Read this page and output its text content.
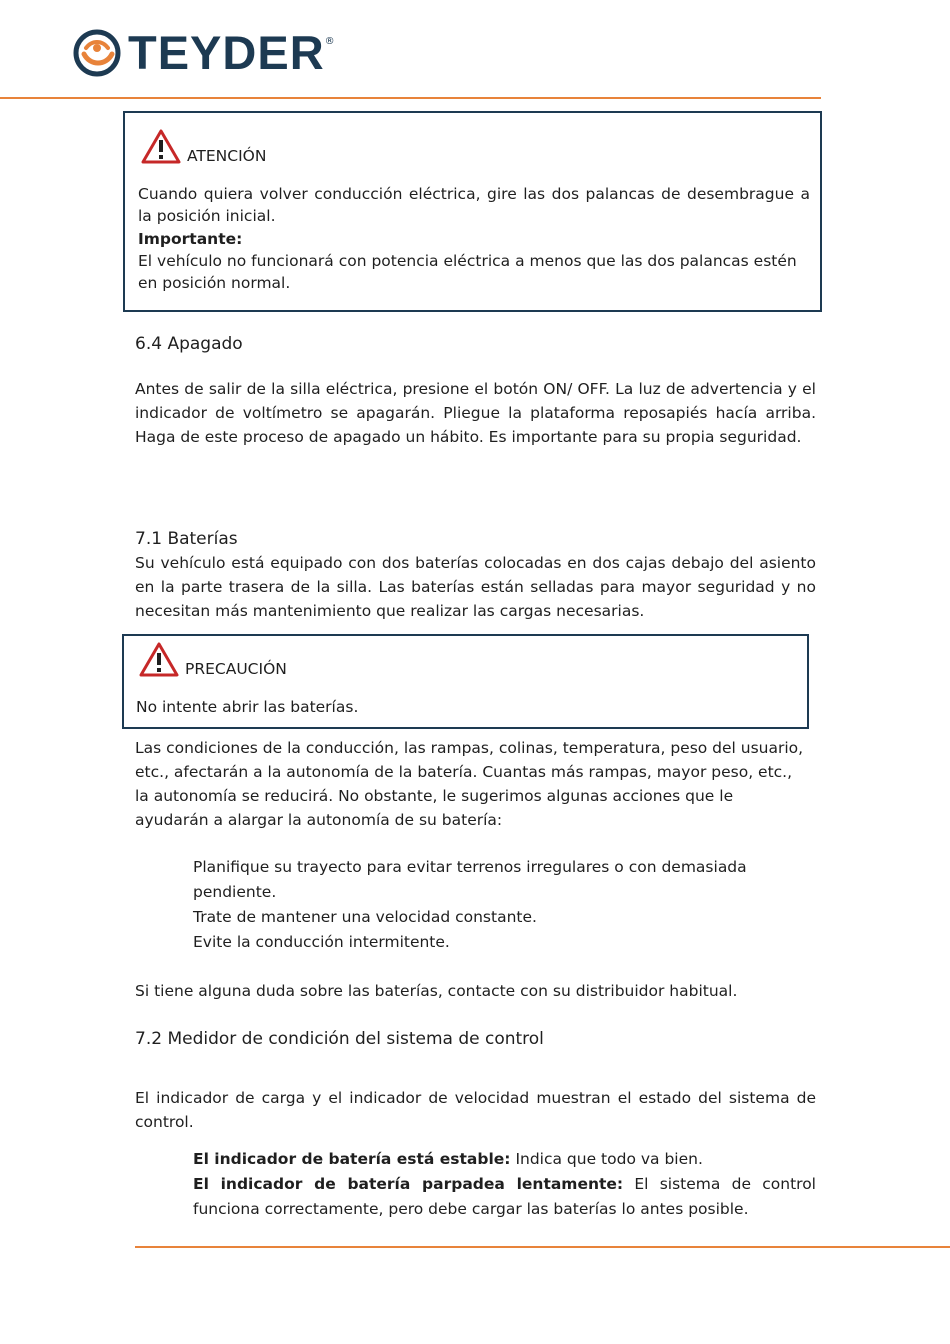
TEYDER ®
ATENCIÓN
Cuando quiera volver conducción eléctrica, gire las dos palancas de desembrague a la posición inicial.
Importante:
El vehículo no funcionará con potencia eléctrica a menos que las dos palancas estén en posición normal.
6.4 Apagado
Antes de salir de la silla eléctrica, presione el botón ON/ OFF. La luz de advertencia y el indicador de voltímetro se apagarán. Pliegue la plataforma reposapiés hacía arriba. Haga de este proceso de apagado un hábito. Es importante para su propia seguridad.
7.1 Baterías
Su vehículo está equipado con dos baterías colocadas en dos cajas debajo del asiento en la parte trasera de la silla. Las baterías están selladas para mayor seguridad y no necesitan más mantenimiento que realizar las cargas necesarias.
PRECAUCIÓN
No intente abrir las baterías.
Las condiciones de la conducción, las rampas, colinas, temperatura, peso del usuario, etc., afectarán a la autonomía de la batería. Cuantas más rampas, mayor peso, etc., la autonomía se reducirá. No obstante, le sugerimos algunas acciones que le ayudarán a alargar la autonomía de su batería:
Planifique su trayecto para evitar terrenos irregulares o con demasiada pendiente.
Trate de mantener una velocidad constante.
Evite la conducción intermitente.
Si tiene alguna duda sobre las baterías, contacte con su distribuidor habitual.
7.2 Medidor de condición del sistema de control
El indicador de carga y el indicador de velocidad muestran el estado del sistema de control.
El indicador de batería está estable: Indica que todo va bien.
El indicador de batería parpadea lentamente: El sistema de control funciona correctamente, pero debe cargar las baterías lo antes posible.
